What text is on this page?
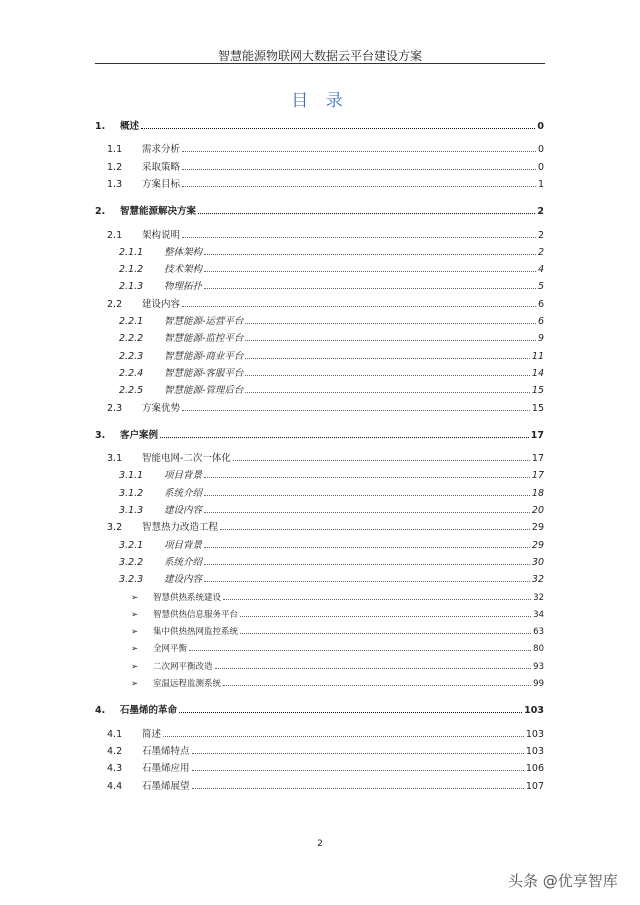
智慧能源物联网大数据云平台建设方案
目 录
1.	概述	0
1.1	需求分析	0
1.2	采取策略	0
1.3	方案目标	1
2.	智慧能源解决方案	2
2.1	架构说明	2
2.1.1	整体架构	2
2.1.2	技术架构	4
2.1.3	物理拓扑	5
2.2	建设内容	6
2.2.1	智慧能源-运营平台	6
2.2.2	智慧能源-监控平台	9
2.2.3	智慧能源-商业平台	11
2.2.4	智慧能源-客服平台	14
2.2.5	智慧能源-管理后台	15
2.3	方案优势	15
3.	客户案例	17
3.1	智能电网-二次一体化	17
3.1.1	项目背景	17
3.1.2	系统介绍	18
3.1.3	建设内容	20
3.2	智慧热力改造工程	29
3.2.1	项目背景	29
3.2.2	系统介绍	30
3.2.3	建设内容	32
➢	智慧供热系统建设	32
➢	智慧供热信息服务平台	34
➢	集中供热热网监控系统	63
➢	全网平衡	80
➢	二次网平衡改造	93
➢	室温远程监测系统	99
4.	石墨烯的革命	103
4.1	简述	103
4.2	石墨烯特点	103
4.3	石墨烯应用	106
4.4	石墨烯展望	107
2
头条 @优享智库
